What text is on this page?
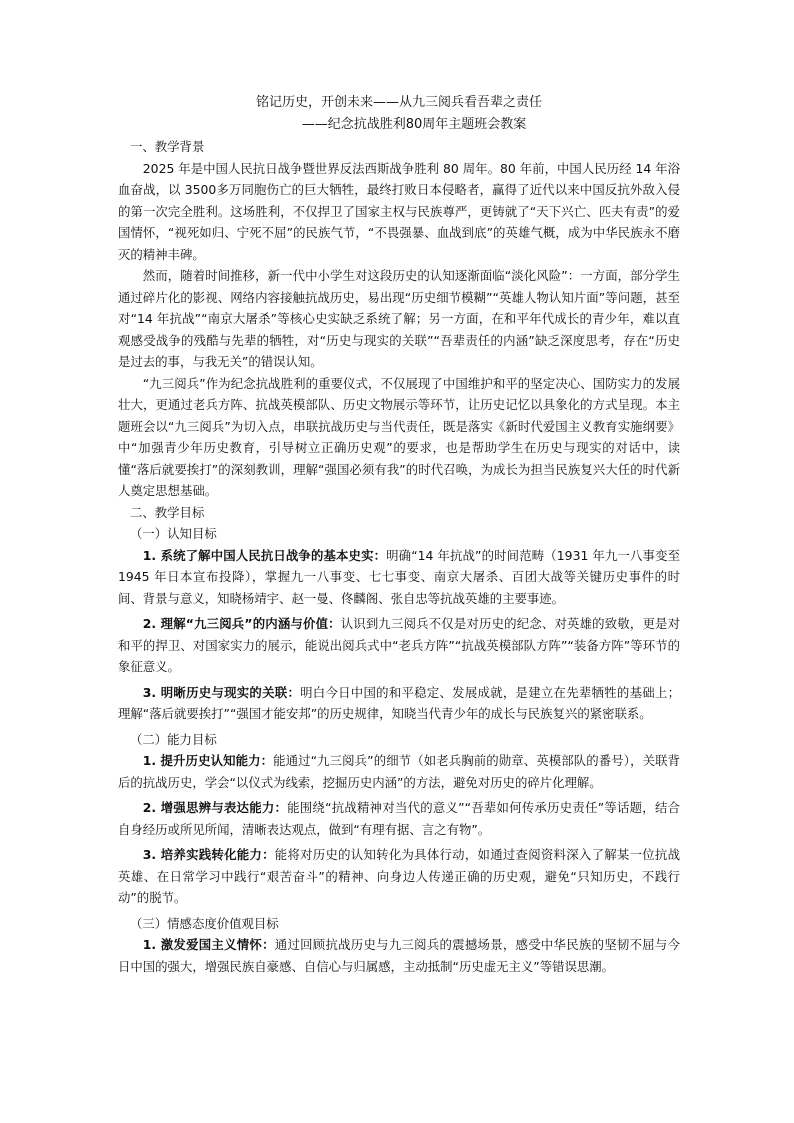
铭记历史，开创未来——从九三阅兵看吾辈之责任
——纪念抗战胜利80周年主题班会教案
一、教学背景

2025 年是中国人民抗日战争暨世界反法西斯战争胜利 80 周年。80 年前，中国人民历经 14 年浴血奋战，以 3500多万同胞伤亡的巨大牺牲，最终打败日本侵略者，赢得了近代以来中国反抗外敌入侵的第一次完全胜利。这场胜利，不仅捍卫了国家主权与民族尊严，更铸就了“天下兴亡、匹夫有责”的爱国情怀，“视死如归、宁死不屈”的民族气节，“不畏强暴、血战到底”的英雄气概，成为中华民族永不磨灭的精神丰碑。

然而，随着时间推移，新一代中小学生对这段历史的认知逐渐面临“淡化风险”：一方面，部分学生通过碎片化的影视、网络内容接触抗战历史，易出现“历史细节模糊”“英雄人物认知片面”等问题，甚至对“14 年抗战”“南京大屠杀”等核心史实缺乏系统了解；另一方面，在和平年代成长的青少年，难以直观感受战争的残酷与先辈的牺牲，对“历史与现实的关联”“吾辈责任的内涵”缺乏深度思考，存在“历史是过去的事，与我无关”的错误认知。

“九三阅兵”作为纪念抗战胜利的重要仪式，不仅展现了中国维护和平的坚定决心、国防实力的发展壮大，更通过老兵方阵、抗战英模部队、历史文物展示等环节，让历史记忆以具象化的方式呈现。本主题班会以“九三阅兵”为切入点，串联抗战历史与当代责任，既是落实《新时代爱国主义教育实施纲要》中“加强青少年历史教育，引导树立正确历史观”的要求，也是帮助学生在历史与现实的对话中，读懂“落后就要挨打”的深刻教训，理解“强国必须有我”的时代召唤，为成长为担当民族复兴大任的时代新人奠定思想基础。

二、教学目标
（一）认知目标

1. 系统了解中国人民抗日战争的基本史实：明确“14 年抗战”的时间范畴（1931 年九一八事变至 1945 年日本宣布投降），掌握九一八事变、七七事变、南京大屠杀、百团大战等关键历史事件的时间、背景与意义，知晓杨靖宇、赵一曼、佟麟阁、张自忠等抗战英雄的主要事迹。

2. 理解“九三阅兵”的内涵与价值：认识到九三阅兵不仅是对历史的纪念、对英雄的致敬，更是对和平的捍卫、对国家实力的展示，能说出阅兵式中“老兵方阵”“抗战英模部队方阵”“装备方阵”等环节的象征意义。

3. 明晰历史与现实的关联：明白今日中国的和平稳定、发展成就，是建立在先辈牺牲的基础上；理解“落后就要挨打”“强国才能安邦”的历史规律，知晓当代青少年的成长与民族复兴的紧密联系。

（二）能力目标

1. 提升历史认知能力：能通过“九三阅兵”的细节（如老兵胸前的勋章、英模部队的番号），关联背后的抗战历史，学会“以仪式为线索，挖掘历史内涵”的方法，避免对历史的碎片化理解。

2. 增强思辨与表达能力：能围绕“抗战精神对当代的意义”“吾辈如何传承历史责任”等话题，结合自身经历或所见所闻，清晰表达观点，做到“有理有据、言之有物”。

3. 培养实践转化能力：能将对历史的认知转化为具体行动，如通过查阅资料深入了解某一位抗战英雄、在日常学习中践行“艰苦奋斗”的精神、向身边人传递正确的历史观，避免“只知历史，不践行动”的脱节。

（三）情感态度价值观目标

1. 激发爱国主义情怀：通过回顾抗战历史与九三阅兵的震撼场景，感受中华民族的坚韧不屈与今日中国的强大，增强民族自豪感、自信心与归属感，主动抵制“历史虚无主义”等错误思潮。
